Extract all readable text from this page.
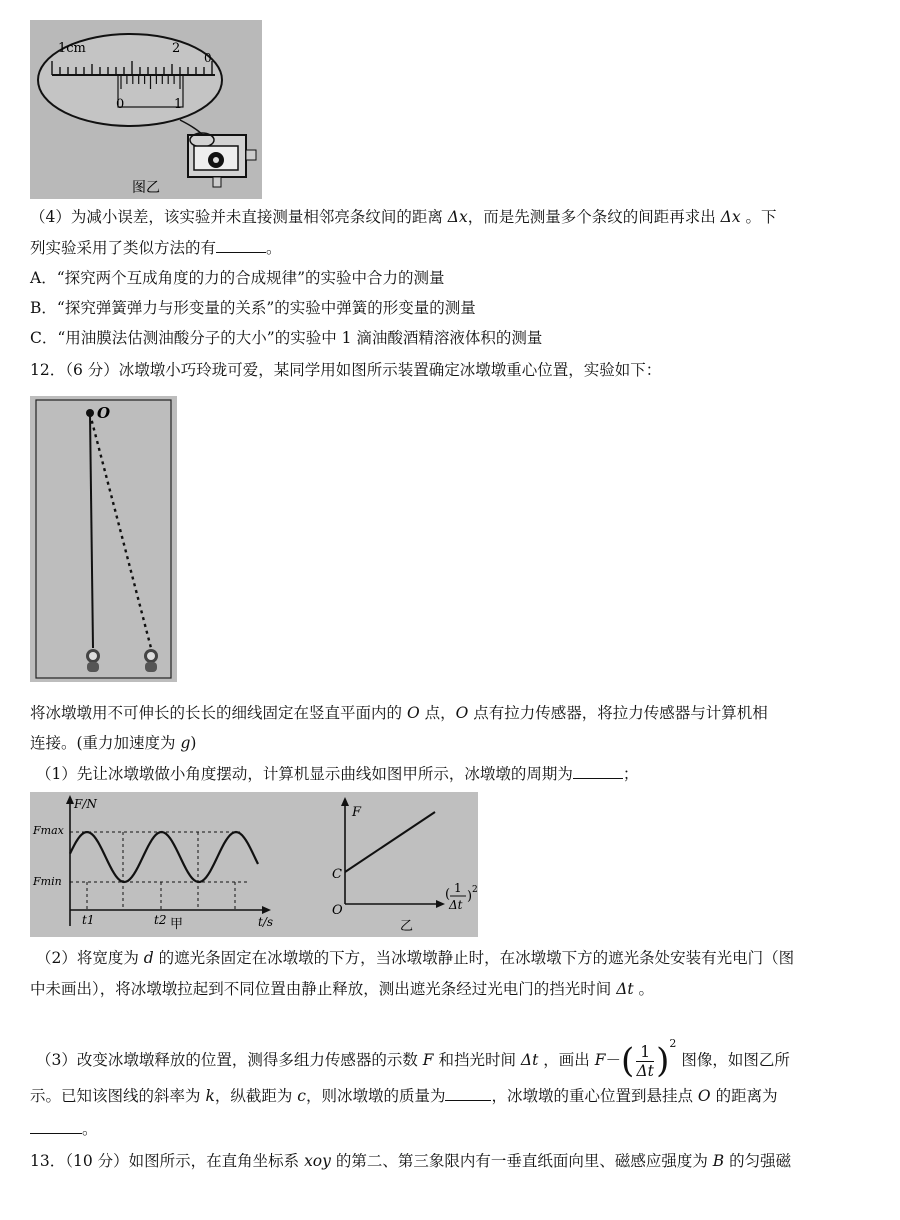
1cm	2
0
0	1
图乙
（4）为减小误差，该实验并未直接测量相邻亮条纹间的距离 Δx，而是先测量多个条纹的间距再求出 Δx 。下
列实验采用了类似方法的有	。
A．“探究两个互成角度的力的合成规律”的实验中合力的测量
B．“探究弹簧弹力与形变量的关系”的实验中弹簧的形变量的测量
C．“用油膜法估测油酸分子的大小”的实验中 1 滴油酸酒精溶液体积的测量
12．（6 分）冰墩墩小巧玲珑可爱，某同学用如图所示装置确定冰墩墩重心位置，实验如下：
O
将冰墩墩用不可伸长的长长的细线固定在竖直平面内的 O 点，O 点有拉力传感器，将拉力传感器与计算机相
连接。(重力加速度为 g)
（1）先让冰墩墩做小角度摆动，计算机显示曲线如图甲所示，冰墩墩的周期为	；
F/N
Fmax
Fmin
t1	t2 甲	t/s
F
C
O
( 1
Δt
) 2
乙
（2）将宽度为 d 的遮光条固定在冰墩墩的下方，当冰墩墩静止时，在冰墩墩下方的遮光条处安装有光电门（图
中未画出），将冰墩墩拉起到不同位置由静止释放，测出遮光条经过光电门的挡光时间 Δt 。
（3）改变冰墩墩释放的位置，测得多组力传感器的示数 F 和挡光时间 Δt ，画出 $F-( \frac{1}{\Delta t} )^2$ 图像，如图乙所
示。已知该图线的斜率为 k，纵截距为 c，则冰墩墩的质量为	，冰墩墩的重心位置到悬挂点 O 的距离为
。
13．（10 分）如图所示，在直角坐标系 xoy 的第二、第三象限内有一垂直纸面向里、磁感应强度为 B 的匀强磁
